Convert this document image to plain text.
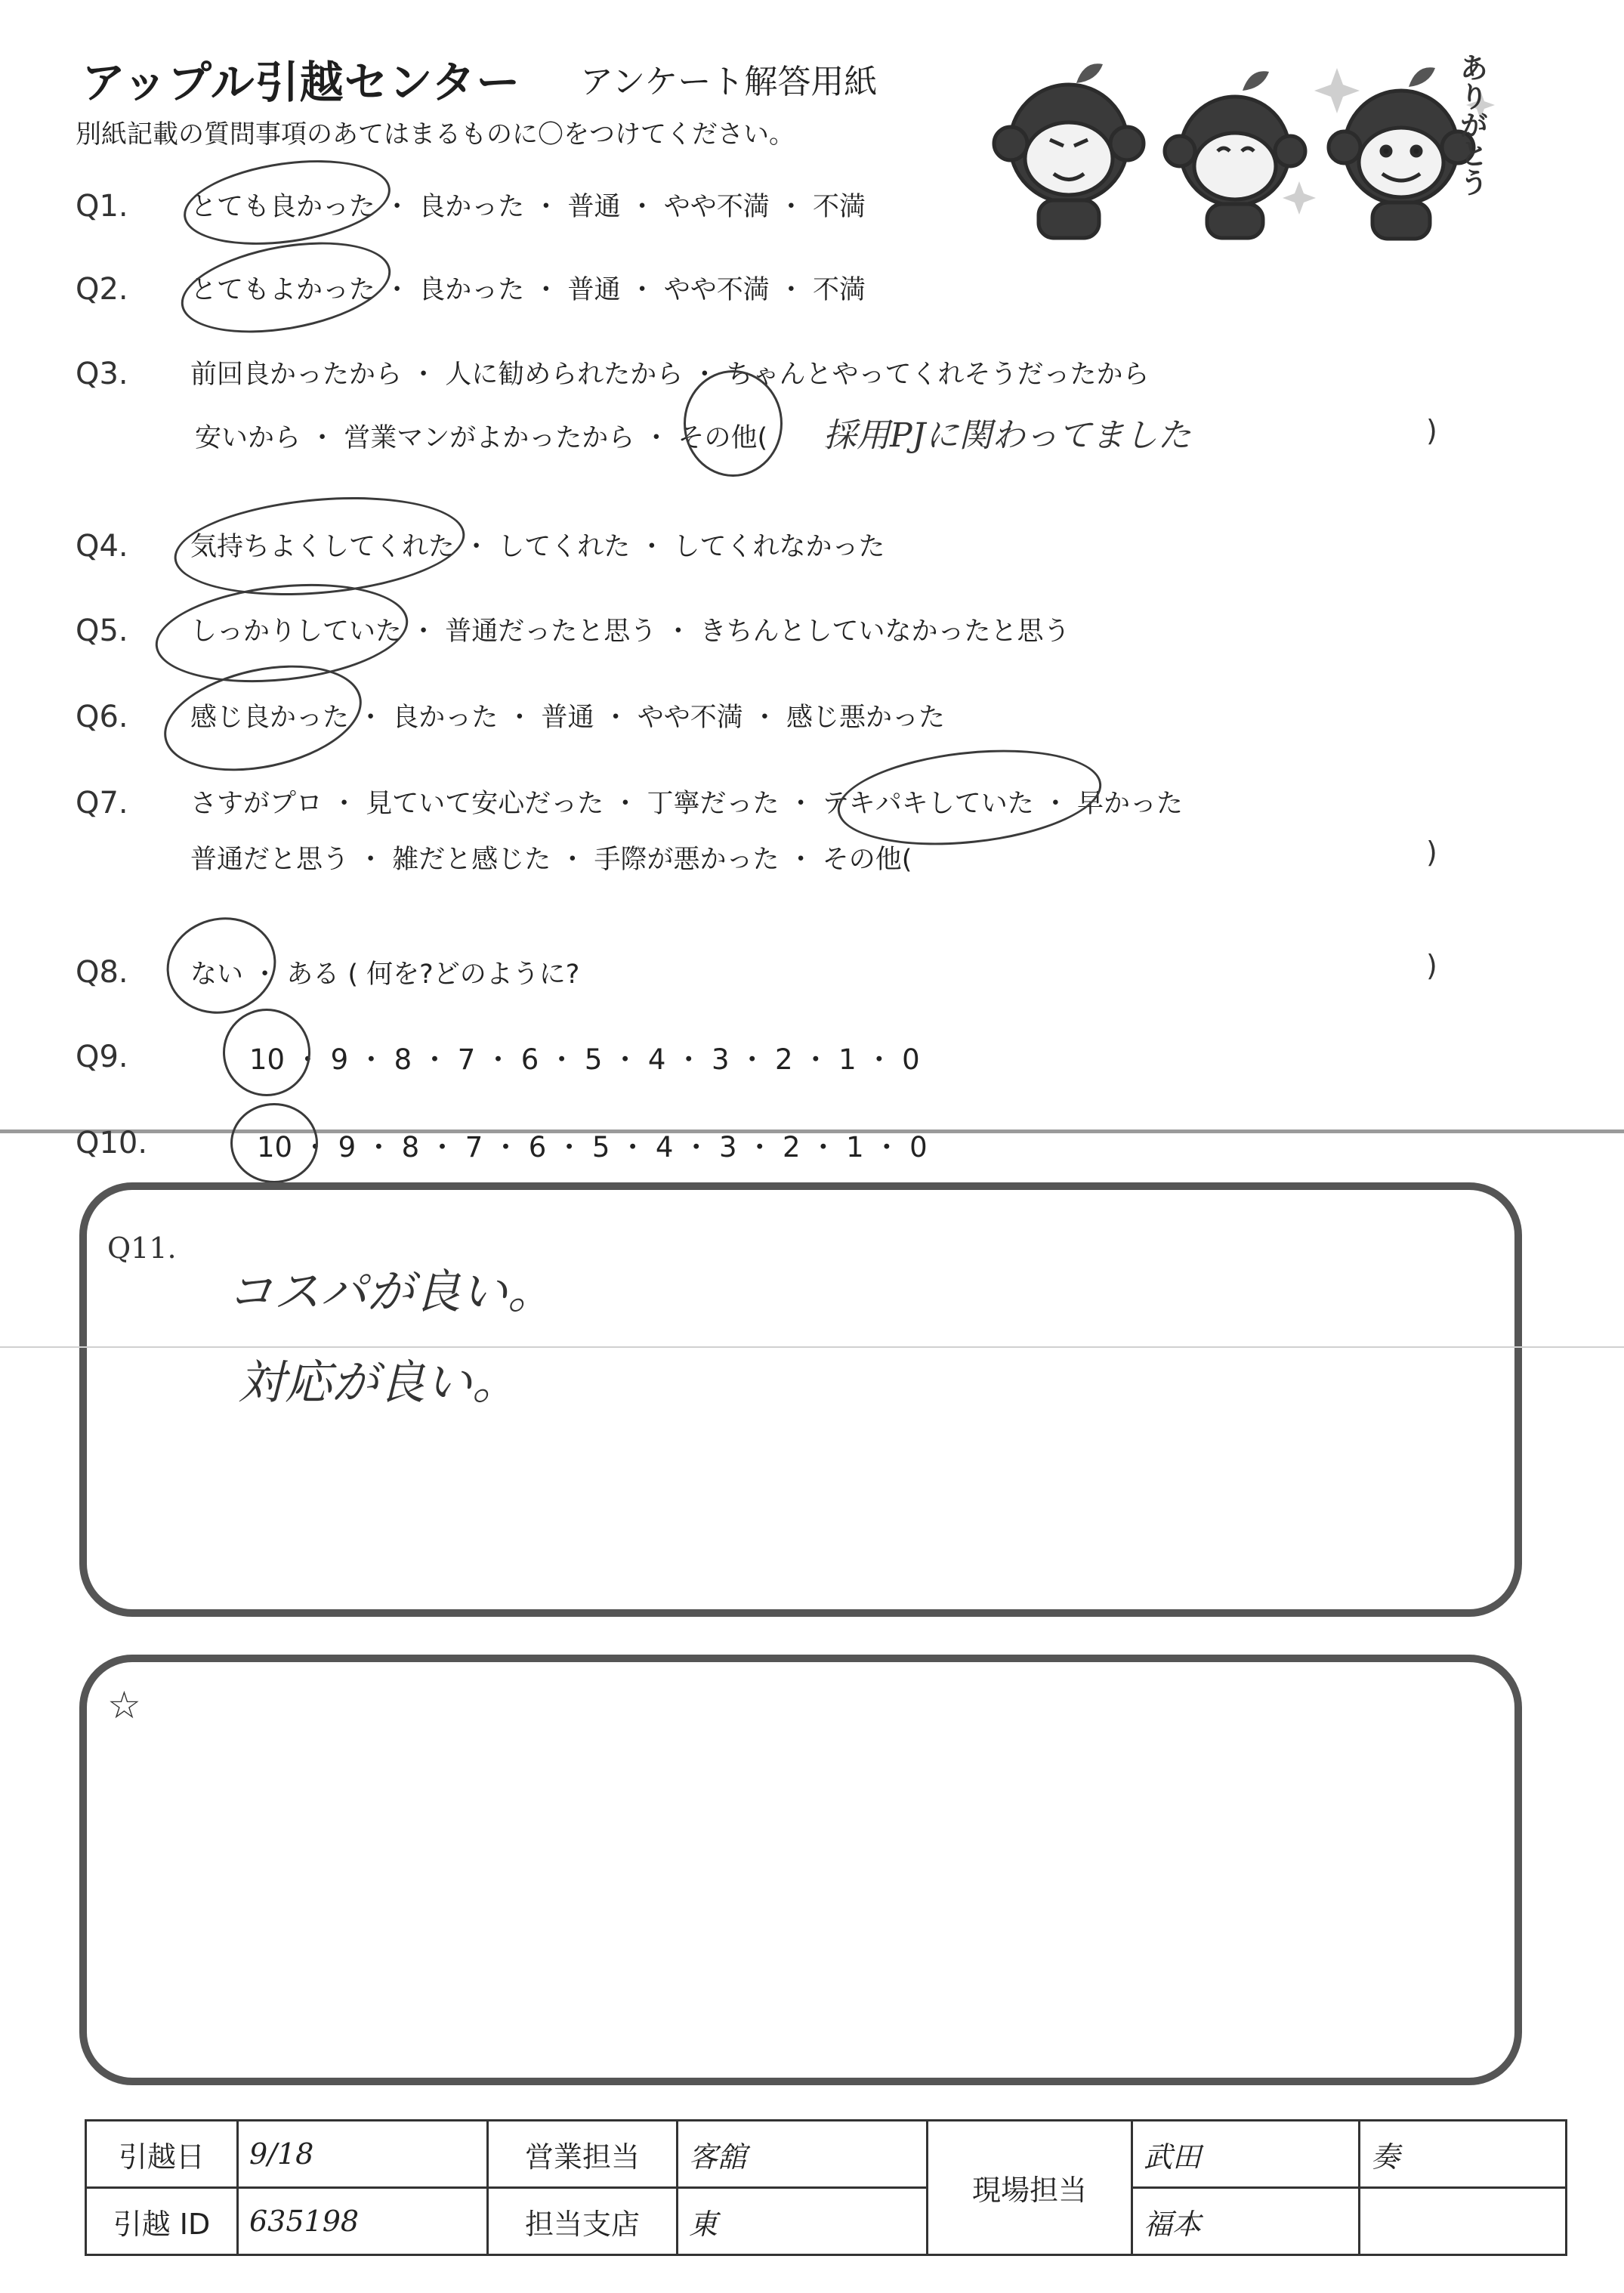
アップル引越センター アンケート解答用紙
別紙記載の質問事項のあてはまるものに〇をつけてください。	ありがとう
Q1. とても良かった ・ 良かった ・ 普通 ・ やや不満 ・ 不満
Q2. とてもよかった ・ 良かった ・ 普通 ・ やや不満 ・ 不満
Q3. 前回良かったから ・ 人に勧められたから ・ ちゃんとやってくれそうだったから
安いから ・ 営業マンがよかったから ・ その他( 採用PJに関わってました	)
Q4. 気持ちよくしてくれた ・ してくれた ・ してくれなかった
Q5. しっかりしていた ・ 普通だったと思う ・ きちんとしていなかったと思う
Q6. 感じ良かった ・ 良かった ・ 普通 ・ やや不満 ・ 感じ悪かった
Q7. さすがプロ ・ 見ていて安心だった ・ 丁寧だった ・ テキパキしていた ・ 早かった
普通だと思う ・ 雑だと感じた ・ 手際が悪かった ・ その他(	)
Q8. ない ・ ある ( 何を?どのように?	)
Q9.	10 ・ 9 ・ 8 ・ 7 ・ 6 ・ 5 ・ 4 ・ 3 ・ 2 ・ 1 ・ 0
Q10.	10 ・ 9 ・ 8 ・ 7 ・ 6 ・ 5 ・ 4 ・ 3 ・ 2 ・ 1 ・ 0
Q11.
コスパが良い。
対応が良い。
☆
引越日	9/18	営業担当	客舘	現場担当	武田	奏
引越 ID	635198	担当支店	東		福本	
